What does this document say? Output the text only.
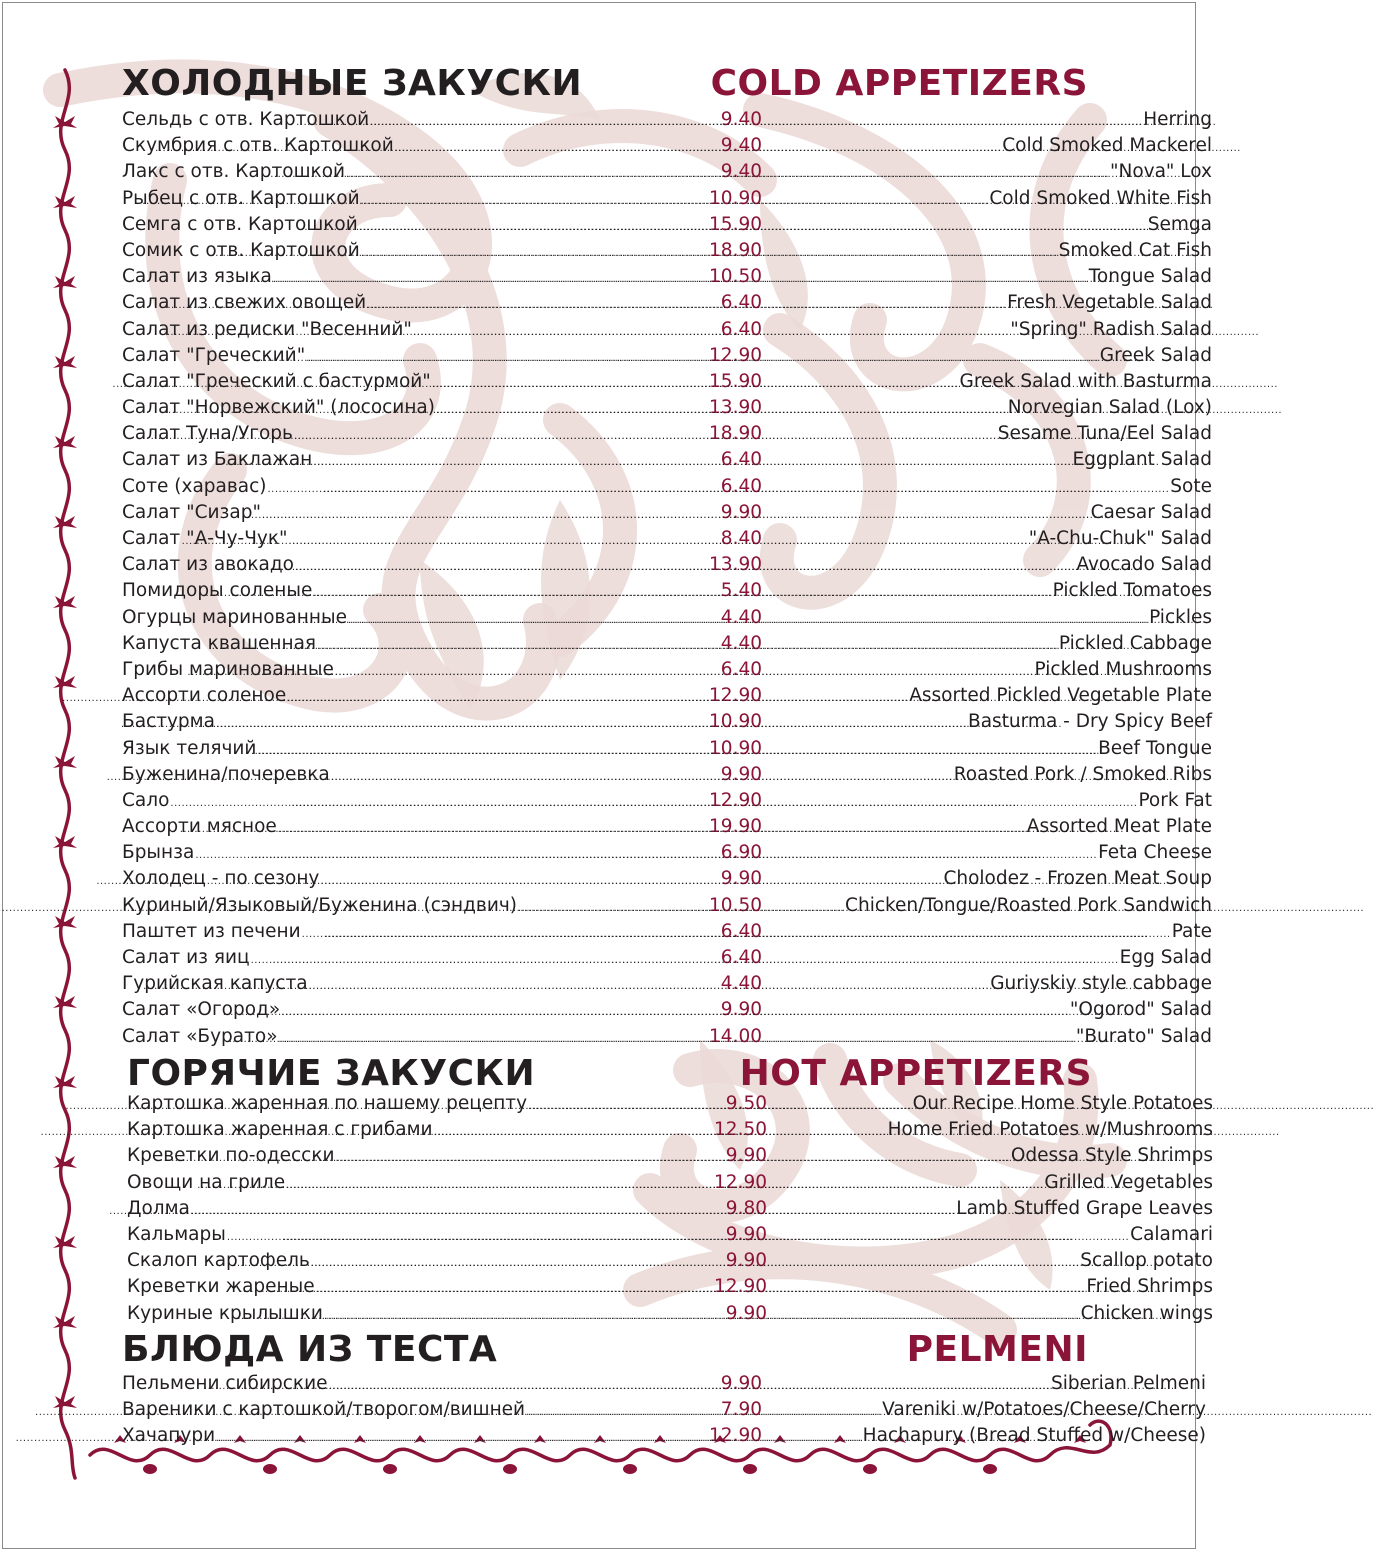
ХОЛОДНЫЕ ЗАКУСКИ	COLD APPETIZERS
ГОРЯЧИЕ ЗАКУСКИ	HOT APPETIZERS
БЛЮДА ИЗ ТЕСТА	PELMENI
Сельдь с отв. Картошкой .....	9.40 .....	Herring
Скумбрия с отв. Картошкой .....	9.40 .....	Cold Smoked Mackerel
Лакс с отв. Картошкой .....	9.40 .....	"Nova" Lox
Рыбец с отв. Картошкой .....	10.90 .....	Cold Smoked White Fish
Семга с отв. Картошкой .....	15.90 .....	Semga
Сомик с отв. Картошкой .....	18.90 .....	Smoked Cat Fish
Салат из языка .....	10.50 .....	Tongue Salad
Салат из свежих овощей .....	6.40 .....	Fresh Vegetable Salad
Салат из редиски "Весенний" .....	6.40 .....	"Spring" Radish Salad
Салат "Греческий" .....	12.90 .....	Greek Salad
Салат "Греческий с бастурмой" .....	15.90 .....	Greek Salad with Basturma
Салат "Норвежский" (лососина) .....	13.90 .....	Norvegian Salad (Lox)
Салат Туна/Угорь .....	18.90 .....	Sesame Tuna/Eel Salad
Салат из Баклажан .....	6.40 .....	Eggplant Salad
Соте (харавас) .....	6.40 .....	Sote
Салат "Сизар" .....	9.90 .....	Caesar Salad
Салат "А-Чу-Чук" .....	8.40 .....	"A-Chu-Chuk" Salad
Салат из авокадо .....	13.90 .....	Avocado Salad
Помидоры соленые .....	5.40 .....	Pickled Tomatoes
Огурцы маринованные .....	4.40 .....	Pickles
Капуста квашенная .....	4.40 .....	Pickled Cabbage
Грибы маринованные .....	6.40 .....	Pickled Mushrooms
Ассорти соленое .....	12.90 .....	Assorted Pickled Vegetable Plate
Бастурма .....	10.90 .....	Basturma - Dry Spicy Beef
Язык телячий .....	10.90 .....	Beef Tongue
Буженина/почеревка .....	9.90 .....	Roasted Pork / Smoked Ribs
Сало .....	12.90 .....	Pork Fat
Ассорти мясное .....	19.90 .....	Assorted Meat Plate
Брынза .....	6.90 .....	Feta Cheese
Холодец - по сезону .....	9.90 .....	Cholodez - Frozen Meat Soup
Куриный/Языковый/Буженина (сэндвич) .....	10.50 .....	Chicken/Tongue/Roasted Pork Sandwich
Паштет из печени .....	6.40 .....	Pate
Салат из яиц .....	6.40 .....	Egg Salad
Гурийская капуста .....	4.40 .....	Guriyskiy style cabbage
Салат «Огород» .....	9.90 .....	"Ogorod" Salad
Салат «Бурато» .....	14.00 .....	"Burato" Salad
Картошка жаренная по нашему рецепту .....	9.50 .....	Our Recipe Home Style Potatoes
Картошка жаренная с грибами .....	12.50 .....	Home Fried Potatoes w/Mushrooms
Креветки по-одесски .....	9.90 .....	Odessa Style Shrimps
Овощи на гриле .....	12.90 .....	Grilled Vegetables
Долма .....	9.80 .....	Lamb Stuffed Grape Leaves
Кальмары .....	9.90 .....	Calamari
Скалоп картофель .....	9.90 .....	Scallop potato
Креветки жареные .....	12.90 .....	Fried Shrimps
Куриные крылышки .....	9.90 .....	Chicken wings
Пельмени сибирские .....	9.90 .....	Siberian Pelmeni
Вареники с картошкой/творогом/вишней .....	7.90 .....	Vareniki w/Potatoes/Cheese/Cherry
Хачапури .....	12.90 .....	Hachapury (Bread Stuffed w/Cheese)
